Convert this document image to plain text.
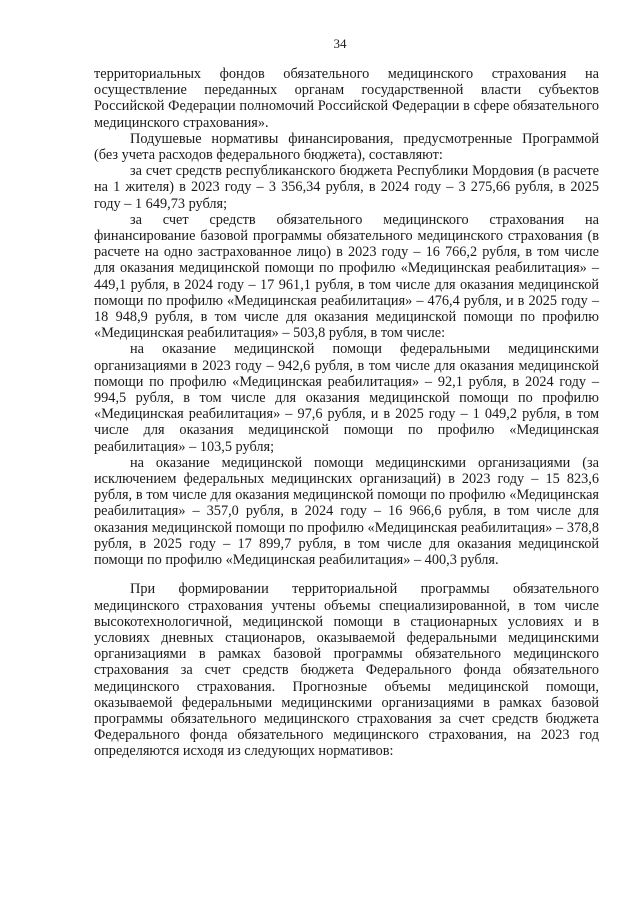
34

территориальных фондов обязательного медицинского страхования на осуществление переданных органам государственной власти субъектов Российской Федерации полномочий Российской Федерации в сфере обязательного медицинского страхования».

Подушевые нормативы финансирования, предусмотренные Программой (без учета расходов федерального бюджета), составляют:

за счет средств республиканского бюджета Республики Мордовия (в расчете на 1 жителя) в 2023 году – 3 356,34 рубля, в 2024 году – 3 275,66 рубля, в 2025 году – 1 649,73 рубля;

за счет средств обязательного медицинского страхования на финансирование базовой программы обязательного медицинского страхования (в расчете на одно застрахованное лицо) в 2023 году – 16 766,2 рубля, в том числе для оказания медицинской помощи по профилю «Медицинская реабилитация» – 449,1 рубля, в 2024 году – 17 961,1 рубля, в том числе для оказания медицинской помощи по профилю «Медицинская реабилитация» – 476,4 рубля, и в 2025 году – 18 948,9 рубля, в том числе для оказания медицинской помощи по профилю «Медицинская реабилитация» – 503,8 рубля, в том числе:

на оказание медицинской помощи федеральными медицинскими организациями в 2023 году – 942,6 рубля, в том числе для оказания медицинской помощи по профилю «Медицинская реабилитация» – 92,1 рубля, в 2024 году – 994,5 рубля, в том числе для оказания медицинской помощи по профилю «Медицинская реабилитация» – 97,6 рубля, и в 2025 году – 1 049,2 рубля, в том числе для оказания медицинской помощи по профилю «Медицинская реабилитация» – 103,5 рубля;

на оказание медицинской помощи медицинскими организациями (за исключением федеральных медицинских организаций) в 2023 году – 15 823,6 рубля, в том числе для оказания медицинской помощи по профилю «Медицинская реабилитация» – 357,0 рубля, в 2024 году – 16 966,6 рубля, в том числе для оказания медицинской помощи по профилю «Медицинская реабилитация» – 378,8 рубля, в 2025 году – 17 899,7 рубля, в том числе для оказания медицинской помощи по профилю «Медицинская реабилитация» – 400,3 рубля.

При формировании территориальной программы обязательного медицинского страхования учтены объемы специализированной, в том числе высокотехнологичной, медицинской помощи в стационарных условиях и в условиях дневных стационаров, оказываемой федеральными медицинскими организациями в рамках базовой программы обязательного медицинского страхования за счет средств бюджета Федерального фонда обязательного медицинского страхования. Прогнозные объемы медицинской помощи, оказываемой федеральными медицинскими организациями в рамках базовой программы обязательного медицинского страхования за счет средств бюджета Федерального фонда обязательного медицинского страхования, на 2023 год определяются исходя из следующих нормативов:
